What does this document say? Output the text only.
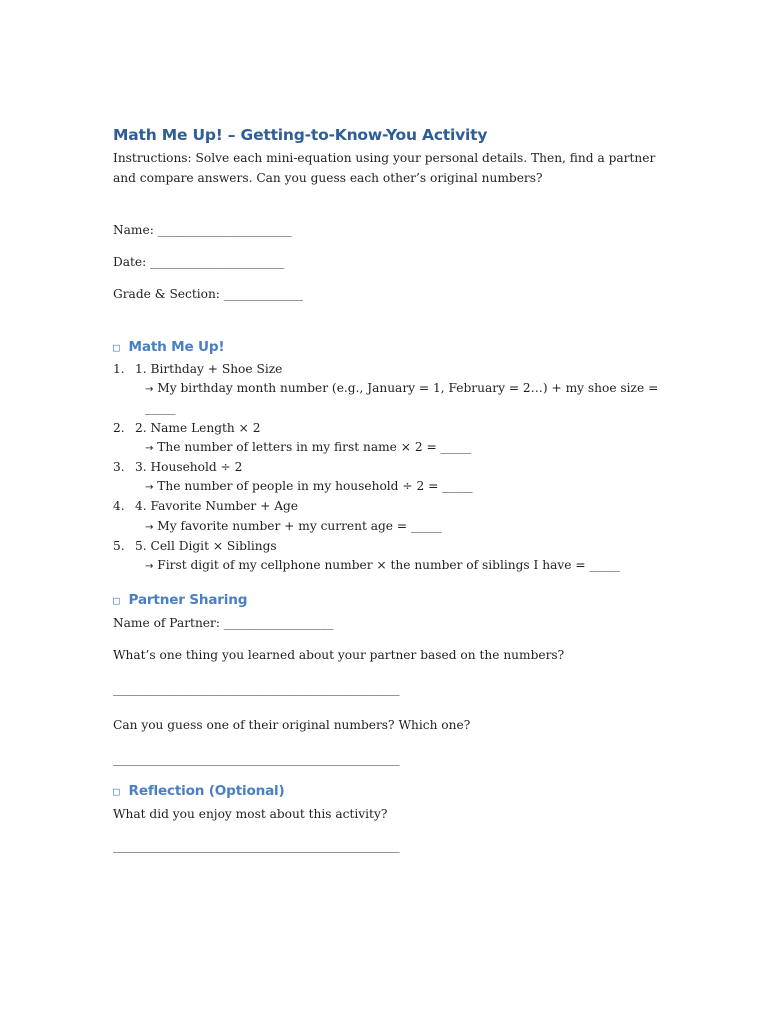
Math Me Up! – Getting-to-Know-You Activity

Instructions: Solve each mini-equation using your personal details. Then, find a partner and compare answers. Can you guess each other’s original numbers?

Name: ______________________

Date: ______________________

Grade & Section: _____________

□ Math Me Up!
1. 1. Birthday + Shoe Size
→ My birthday month number (e.g., January = 1, February = 2…) + my shoe size = _____
2. 2. Name Length × 2
→ The number of letters in my first name × 2 = _____
3. 3. Household ÷ 2
→ The number of people in my household ÷ 2 = _____
4. 4. Favorite Number + Age
→ My favorite number + my current age = _____
5. 5. Cell Digit × Siblings
→ First digit of my cellphone number × the number of siblings I have = _____
□ Partner Sharing

Name of Partner: __________________

What’s one thing you learned about your partner based on the numbers?

____________________________________________________

Can you guess one of their original numbers? Which one?

____________________________________________________
□ Reflection (Optional)

What did you enjoy most about this activity?

____________________________________________________
